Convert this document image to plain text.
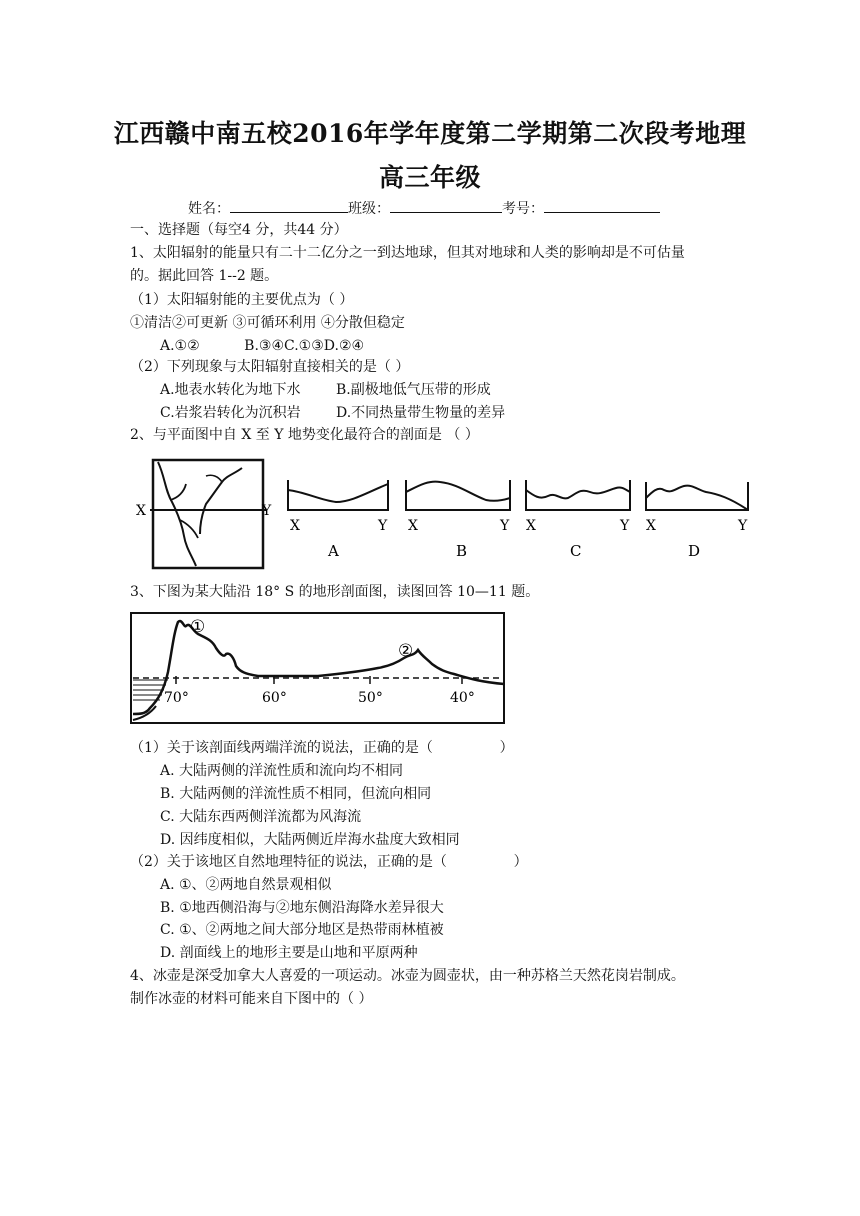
江西赣中南五校2016年学年度第二学期第二次段考地理
高三年级
姓名：	班级：	考号：
一、选择题（每空4 分，共44 分）
1、太阳辐射的能量只有二十二亿分之一到达地球，但其对地球和人类的影响却是不可估量
的。据此回答 1--2 题。
（1）太阳辐射能的主要优点为（ ）
①清洁②可更新 ③可循环利用 ④分散但稳定
A.①②          B.③④C.①③D.②④
（2）下列现象与太阳辐射直接相关的是（ ）
A.地表水转化为地下水	B.副极地低气压带的形成
C.岩浆岩转化为沉积岩	D.不同热量带生物量的差异
2、与平面图中自 X 至 Y 地势变化最符合的剖面是 （ ）
X	Y
X	Y
A
X	Y
B
X	Y
C
X	Y
D
3、下图为某大陆沿 18° S 的地形剖面图，读图回答 10—11 题。
①
②
70°	60°	50°	40°
（1）关于该剖面线两端洋流的说法，正确的是（               ）
A. 大陆两侧的洋流性质和流向均不相同
B. 大陆两侧的洋流性质不相同，但流向相同
C. 大陆东西两侧洋流都为风海流
D. 因纬度相似，大陆两侧近岸海水盐度大致相同
（2）关于该地区自然地理特征的说法，正确的是（               ）
A. ①、②两地自然景观相似
B. ①地西侧沿海与②地东侧沿海降水差异很大
C. ①、②两地之间大部分地区是热带雨林植被
D. 剖面线上的地形主要是山地和平原两种
4、冰壶是深受加拿大人喜爱的一项运动。冰壶为圆壶状，由一种苏格兰天然花岗岩制成。
制作冰壶的材料可能来自下图中的（ ）
